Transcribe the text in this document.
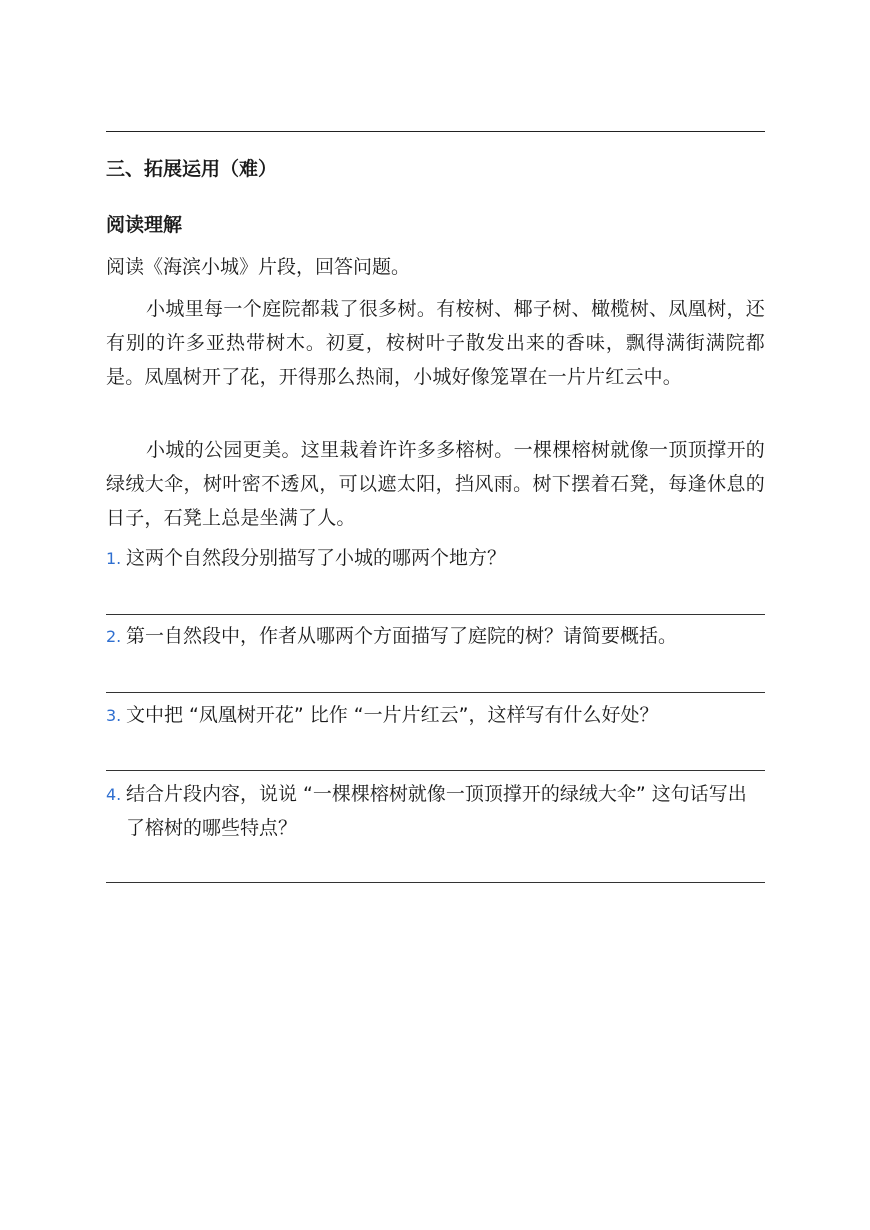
三、拓展运用（难）
阅读理解
阅读《海滨小城》片段，回答问题。
小城里每一个庭院都栽了很多树。有桉树、椰子树、橄榄树、凤凰树，还有别的许多亚热带树木。初夏，桉树叶子散发出来的香味，飘得满街满院都是。凤凰树开了花，开得那么热闹，小城好像笼罩在一片片红云中。
小城的公园更美。这里栽着许许多多榕树。一棵棵榕树就像一顶顶撑开的绿绒大伞，树叶密不透风，可以遮太阳，挡风雨。树下摆着石凳，每逢休息的日子，石凳上总是坐满了人。
1. 这两个自然段分别描写了小城的哪两个地方？
2. 第一自然段中，作者从哪两个方面描写了庭院的树？请简要概括。
3. 文中把 “凤凰树开花” 比作 “一片片红云”，这样写有什么好处？
4. 结合片段内容，说说 “一棵棵榕树就像一顶顶撑开的绿绒大伞” 这句话写出了榕树的哪些特点？
